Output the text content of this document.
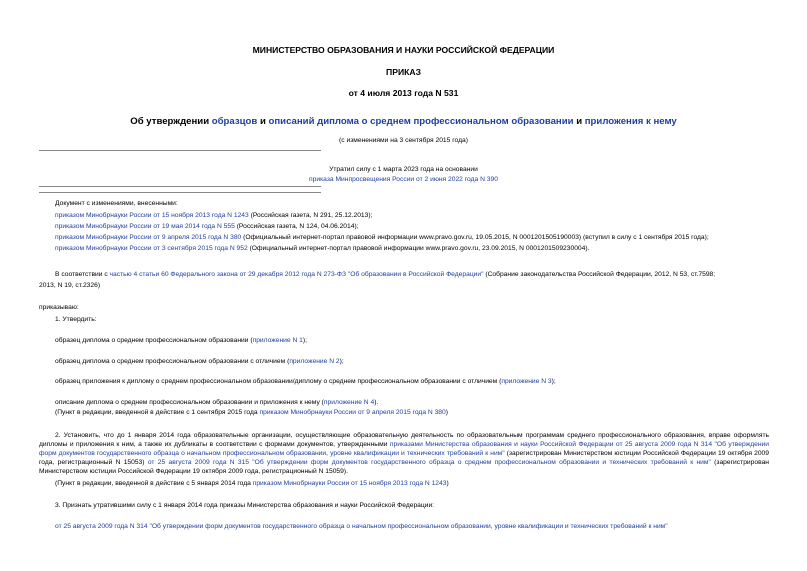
МИНИСТЕРСТВО ОБРАЗОВАНИЯ И НАУКИ РОССИЙСКОЙ ФЕДЕРАЦИИ
ПРИКАЗ
от 4 июля 2013 года N 531
Об утверждении образцов и описаний диплома о среднем профессиональном образовании и приложения к нему
(с изменениями на 3 сентября 2015 года)
Утратил силу с 1 марта 2023 года на основании
приказа Минпросвещения России от 2 июня 2022 года N 390
Документ с изменениями, внесенными:
приказом Минобрнауки России от 15 ноября 2013 года N 1243 (Российская газета, N 291, 25.12.2013);
приказом Минобрнауки России от 19 мая 2014 года N 555 (Российская газета, N 124, 04.06.2014);
приказом Минобрнауки России от 9 апреля 2015 года N 380 (Официальный интернет-портал правовой информации www.pravo.gov.ru, 19.05.2015, N 0001201505190003) (вступил в силу с 1 сентября 2015 года);
приказом Минобрнауки России от 3 сентября 2015 года N 952 (Официальный интернет-портал правовой информации www.pravo.gov.ru, 23.09.2015, N 0001201509230004).
В соответствии с частью 4 статьи 60 Федерального закона от 29 декабря 2012 года N 273-ФЗ "Об образовании в Российской Федерации" (Собрание законодательства Российской Федерации, 2012, N 53, ст.7598;
2013, N 19, ст.2326)
приказываю:
1. Утвердить:
образец диплома о среднем профессиональном образовании (приложение N 1);
образец диплома о среднем профессиональном образовании с отличием (приложение N 2);
образец приложения к диплому о среднем профессиональном образовании/диплому о среднем профессиональном образовании с отличием (приложение N 3);
описание диплома о среднем профессиональном образовании и приложения к нему (приложение N 4).
(Пункт в редакции, введенной в действие с 1 сентября 2015 года приказом Минобрнауки России от 9 апреля 2015 года N 380)
2. Установить, что до 1 января 2014 года образовательные организации, осуществляющие образовательную деятельность по образовательным программам среднего профессионального образования, вправе оформлять дипломы и приложения к ним, а также их дубликаты в соответствии с формами документов, утвержденными приказами Министерства образования и науки Российской Федерации от 25 августа 2009 года N 314 "Об утверждении форм документов государственного образца о начальном профессиональном образовании, уровне квалификации и технических требований к ним" (зарегистрирован Министерством юстиции Российской Федерации 19 октября 2009 года, регистрационный N 15053) от 25 августа 2009 года N 315 "Об утверждении форм документов государственного образца о среднем профессиональном образовании и технических требований к ним" (зарегистрирован Министерством юстиции Российской Федерации 19 октября 2009 года, регистрационный N 15059).
(Пункт в редакции, введенной в действие с 5 января 2014 года приказом Минобрнауки России от 15 ноября 2013 года N 1243)
3. Признать утратившими силу с 1 января 2014 года приказы Министерства образования и науки Российской Федерации:
от 25 августа 2009 года N 314 "Об утверждении форм документов государственного образца о начальном профессиональном образовании, уровне квалификации и технических требований к ним"
